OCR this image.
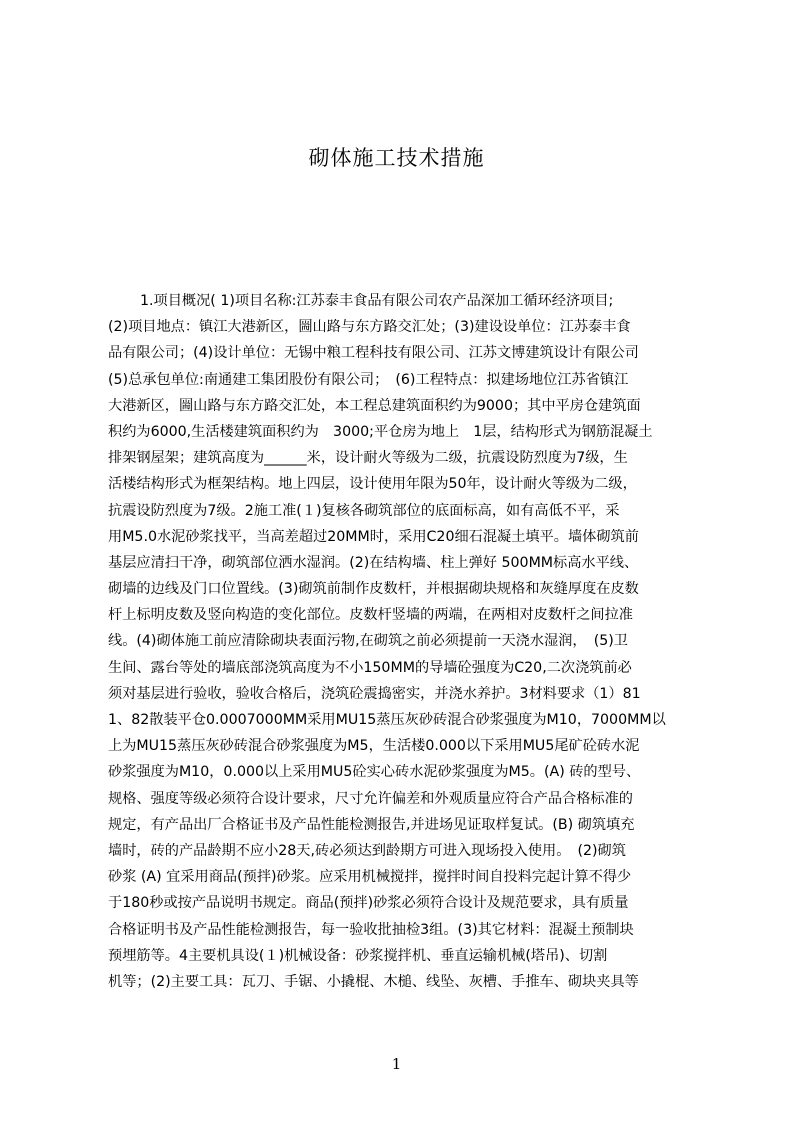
砌体施工技术措施
1.项目概况( 1)项目名称:江苏泰丰食品有限公司农产品深加工循环经济项目;
(2)项目地点：镇江大港新区，圌山路与东方路交汇处；(3)建设设单位：江苏泰丰食
品有限公司；(4)设计单位：无锡中粮工程科技有限公司、江苏文博建筑设计有限公司
(5)总承包单位:南通建工集团股份有限公司；　(6)工程特点：拟建场地位江苏省镇江
大港新区，圌山路与东方路交汇处，本工程总建筑面积约为9000；其中平房仓建筑面
积约为6000,生活楼建筑面积约为　3000;平仓房为地上　1层，结构形式为钢筋混凝土
排架钢屋架；建筑高度为______米，设计耐火等级为二级，抗震设防烈度为7级，生
活楼结构形式为框架结构。地上四层，设计使用年限为50年，设计耐火等级为二级，
抗震设防烈度为7级。2施工准(１)复核各砌筑部位的底面标高，如有高低不平，采
用M5.0水泥砂浆找平，当高差超过20MM时，采用C20细石混凝土填平。墙体砌筑前
基层应清扫干净，砌筑部位洒水湿润。(2)在结构墙、柱上弹好 500MM标高水平线、
砌墙的边线及门口位置线。(3)砌筑前制作皮数杆，并根据砌块规格和灰缝厚度在皮数
杆上标明皮数及竖向构造的变化部位。皮数杆竖墙的两端，在两相对皮数杆之间拉准
线。(4)砌体施工前应清除砌块表面污物,在砌筑之前必须提前一天浇水湿润，　(5)卫
生间、露台等处的墙底部浇筑高度为不小150MM的导墙砼强度为C20,二次浇筑前必
须对基层进行验收，验收合格后，浇筑砼震捣密实，并浇水养护。3材料要求（1）81
1、82散装平仓0.0007000MM采用MU15蒸压灰砂砖混合砂浆强度为M10，7000MM以
上为MU15蒸压灰砂砖混合砂浆强度为M5，生活楼0.000以下采用MU5尾矿砼砖水泥
砂浆强度为M10，0.000以上采用MU5砼实心砖水泥砂浆强度为M5。(A) 砖的型号、
规格、强度等级必须符合设计要求，尺寸允许偏差和外观质量应符合产品合格标准的
规定，有产品出厂合格证书及产品性能检测报告,并进场见证取样复试。(B) 砌筑填充
墙时，砖的产品龄期不应小28天,砖必须达到龄期方可进入现场投入使用。　(2)砌筑
砂浆 (A) 宜采用商品(预拌)砂浆。应采用机械搅拌，搅拌时间自投料完起计算不得少
于180秒或按产品说明书规定。商品(预拌)砂浆必须符合设计及规范要求，具有质量
合格证明书及产品性能检测报告，每一验收批抽检3组。(3)其它材料：混凝土预制块
预埋筋等。4主要机具设(１)机械设备：砂浆搅拌机、垂直运输机械(塔吊)、切割
机等；(2)主要工具：瓦刀、手锯、小撬棍、木槌、线坠、灰槽、手推车、砌块夹具等
1
